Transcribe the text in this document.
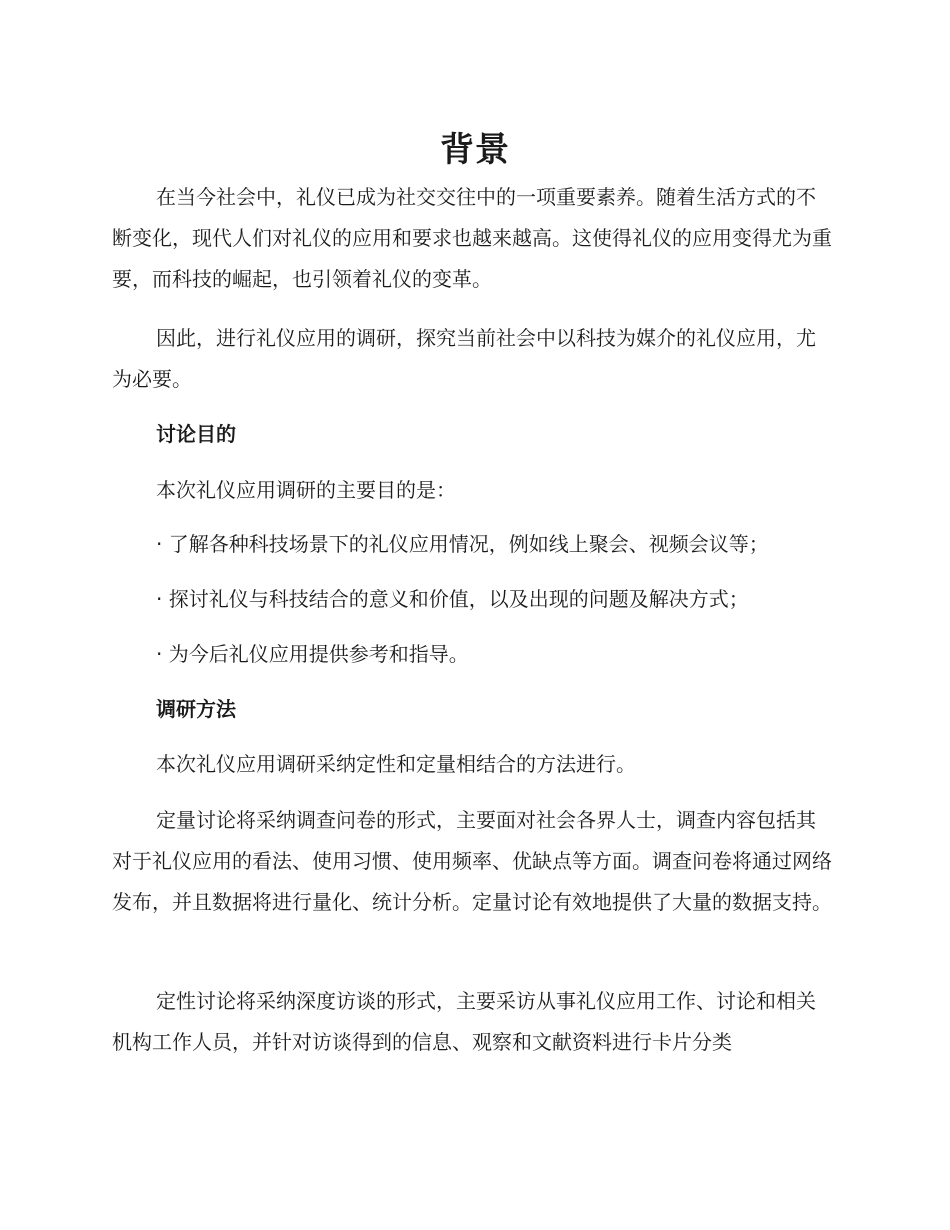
背景

在当今社会中，礼仪已成为社交交往中的一项重要素养。随着生活方式的不断变化，现代人们对礼仪的应用和要求也越来越高。这使得礼仪的应用变得尤为重要，而科技的崛起，也引领着礼仪的变革。

因此，进行礼仪应用的调研，探究当前社会中以科技为媒介的礼仪应用，尤为必要。

讨论目的

本次礼仪应用调研的主要目的是：

· 了解各种科技场景下的礼仪应用情况，例如线上聚会、视频会议等；

· 探讨礼仪与科技结合的意义和价值，以及出现的问题及解决方式；

· 为今后礼仪应用提供参考和指导。

调研方法

本次礼仪应用调研采纳定性和定量相结合的方法进行。

定量讨论将采纳调查问卷的形式，主要面对社会各界人士，调查内容包括其对于礼仪应用的看法、使用习惯、使用频率、优缺点等方面。调查问卷将通过网络发布，并且数据将进行量化、统计分析。定量讨论有效地提供了大量的数据支持。

定性讨论将采纳深度访谈的形式，主要采访从事礼仪应用工作、讨论和相关机构工作人员，并针对访谈得到的信息、观察和文献资料进行卡片分类
